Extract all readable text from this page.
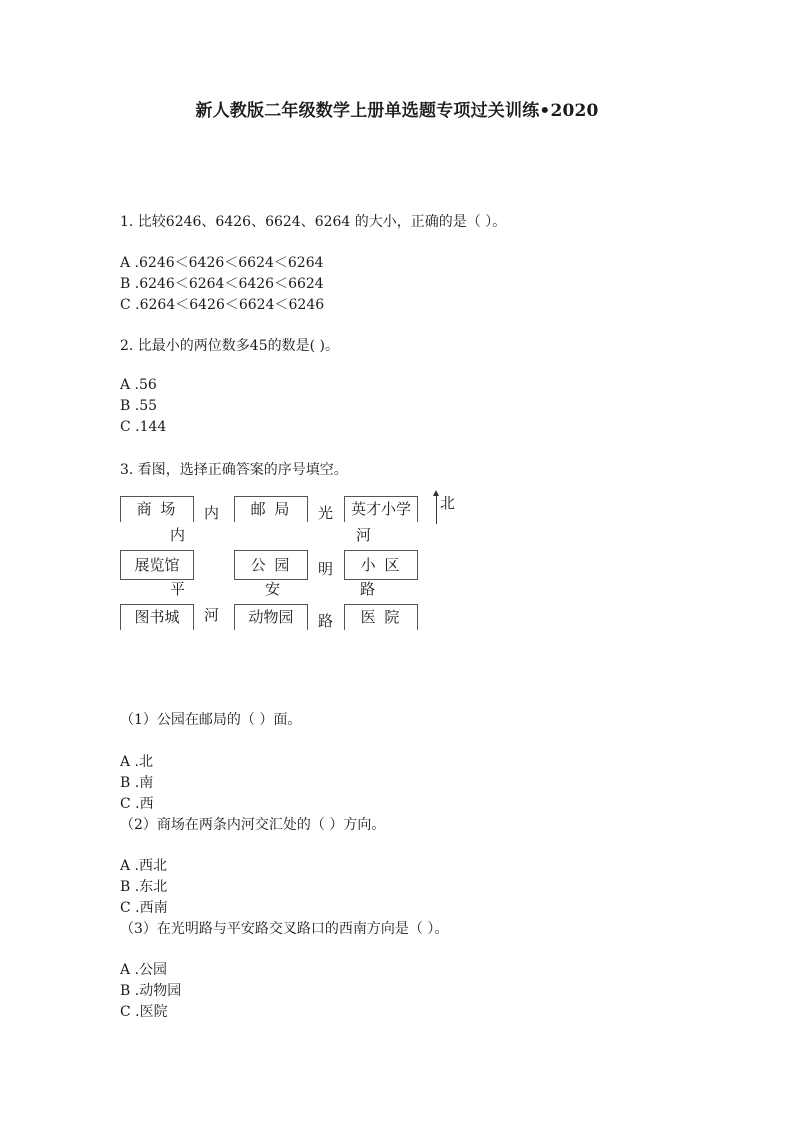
新人教版二年级数学上册单选题专项过关训练•2020
1. 比较6246、6426、6624、6264 的大小，正确的是（ ）。
A .6246＜6426＜6624＜6264
B .6246＜6264＜6426＜6624
C .6264＜6426＜6624＜6246
2. 比最小的两位数多45的数是( )。
A .56
B .55
C .144
3. 看图，选择正确答案的序号填空。
商 场	内	邮 局	光	英才小学	北
内	河
展览馆	公 园	明	小 区
平	安	路
图书城	河	动物园	路	医 院
（1）公园在邮局的（ ）面。
A .北
B .南
C .西
（2）商场在两条内河交汇处的（ ）方向。
A .西北
B .东北
C .西南
（3）在光明路与平安路交叉路口的西南方向是（ ）。
A .公园
B .动物园
C .医院
